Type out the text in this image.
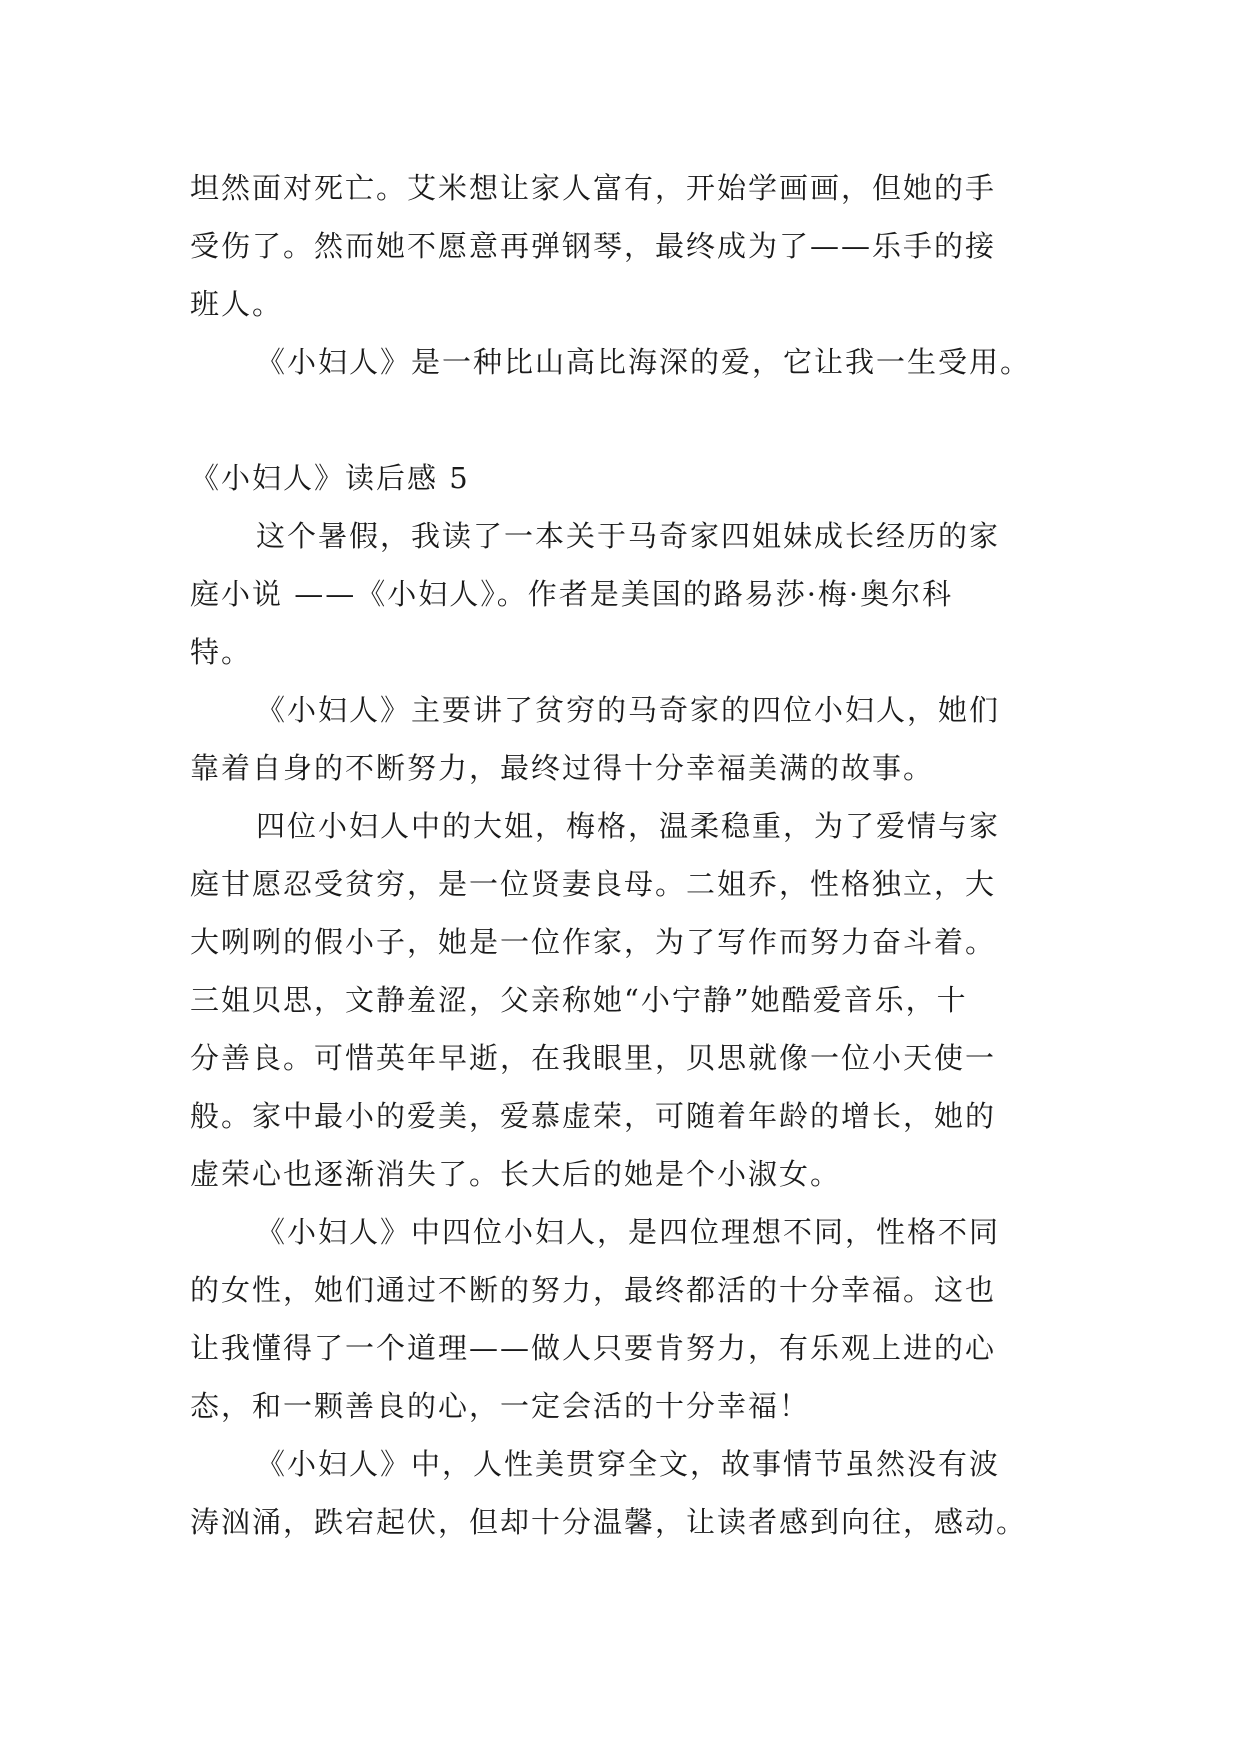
坦然面对死亡。艾米想让家人富有，开始学画画，但她的手
受伤了。然而她不愿意再弹钢琴，最终成为了——乐手的接
班人。
《小妇人》是一种比山高比海深的爱，它让我一生受用。
《小妇人》读后感 5
这个暑假，我读了一本关于马奇家四姐妹成长经历的家
庭小说 ——《小妇人》。作者是美国的路易莎·梅·奥尔科
特。
《小妇人》主要讲了贫穷的马奇家的四位小妇人，她们
靠着自身的不断努力，最终过得十分幸福美满的故事。
四位小妇人中的大姐，梅格，温柔稳重，为了爱情与家
庭甘愿忍受贫穷，是一位贤妻良母。二姐乔，性格独立，大
大咧咧的假小子，她是一位作家，为了写作而努力奋斗着。
三姐贝思，文静羞涩，父亲称她“小宁静”她酷爱音乐，十
分善良。可惜英年早逝，在我眼里，贝思就像一位小天使一
般。家中最小的爱美，爱慕虚荣，可随着年龄的增长，她的
虚荣心也逐渐消失了。长大后的她是个小淑女。
《小妇人》中四位小妇人，是四位理想不同，性格不同
的女性，她们通过不断的努力，最终都活的十分幸福。这也
让我懂得了一个道理——做人只要肯努力，有乐观上进的心
态，和一颗善良的心，一定会活的十分幸福！
《小妇人》中，人性美贯穿全文，故事情节虽然没有波
涛汹涌，跌宕起伏，但却十分温馨，让读者感到向往，感动。
